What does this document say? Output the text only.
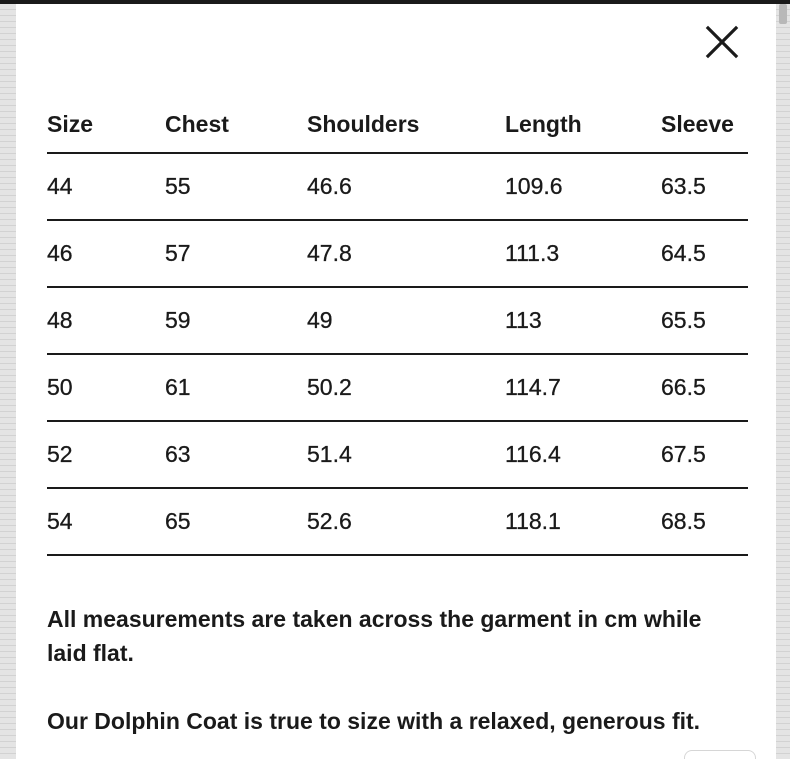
Size	Chest	Shoulders	Length	Sleeve
44	55	46.6	109.6	63.5
46	57	47.8	111.3	64.5
48	59	49	113	65.5
50	61	50.2	114.7	66.5
52	63	51.4	116.4	67.5
54	65	52.6	118.1	68.5

All measurements are taken across the garment in cm while laid flat.

Our Dolphin Coat is true to size with a relaxed, generous fit.
